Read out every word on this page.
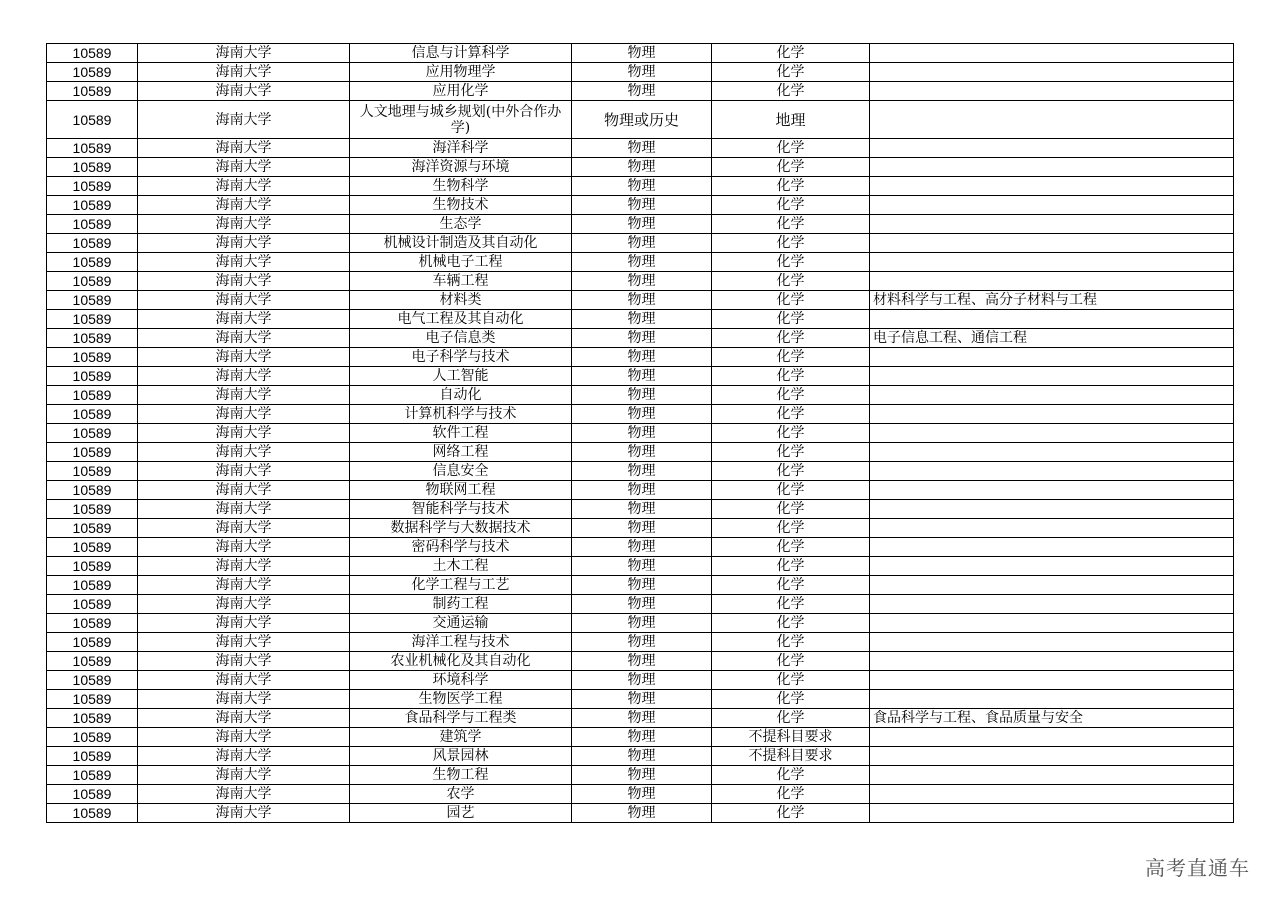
10589	海南大学	信息与计算科学	物理	化学	
10589	海南大学	应用物理学	物理	化学	
10589	海南大学	应用化学	物理	化学	
10589	海南大学	人文地理与城乡规划(中外合作办学)	物理或历史	地理	
10589	海南大学	海洋科学	物理	化学	
10589	海南大学	海洋资源与环境	物理	化学	
10589	海南大学	生物科学	物理	化学	
10589	海南大学	生物技术	物理	化学	
10589	海南大学	生态学	物理	化学	
10589	海南大学	机械设计制造及其自动化	物理	化学	
10589	海南大学	机械电子工程	物理	化学	
10589	海南大学	车辆工程	物理	化学	
10589	海南大学	材料类	物理	化学	材料科学与工程、高分子材料与工程
10589	海南大学	电气工程及其自动化	物理	化学	
10589	海南大学	电子信息类	物理	化学	电子信息工程、通信工程
10589	海南大学	电子科学与技术	物理	化学	
10589	海南大学	人工智能	物理	化学	
10589	海南大学	自动化	物理	化学	
10589	海南大学	计算机科学与技术	物理	化学	
10589	海南大学	软件工程	物理	化学	
10589	海南大学	网络工程	物理	化学	
10589	海南大学	信息安全	物理	化学	
10589	海南大学	物联网工程	物理	化学	
10589	海南大学	智能科学与技术	物理	化学	
10589	海南大学	数据科学与大数据技术	物理	化学	
10589	海南大学	密码科学与技术	物理	化学	
10589	海南大学	土木工程	物理	化学	
10589	海南大学	化学工程与工艺	物理	化学	
10589	海南大学	制药工程	物理	化学	
10589	海南大学	交通运输	物理	化学	
10589	海南大学	海洋工程与技术	物理	化学	
10589	海南大学	农业机械化及其自动化	物理	化学	
10589	海南大学	环境科学	物理	化学	
10589	海南大学	生物医学工程	物理	化学	
10589	海南大学	食品科学与工程类	物理	化学	食品科学与工程、食品质量与安全
10589	海南大学	建筑学	物理	不提科目要求	
10589	海南大学	风景园林	物理	不提科目要求	
10589	海南大学	生物工程	物理	化学	
10589	海南大学	农学	物理	化学	
10589	海南大学	园艺	物理	化学	
高考直通车
